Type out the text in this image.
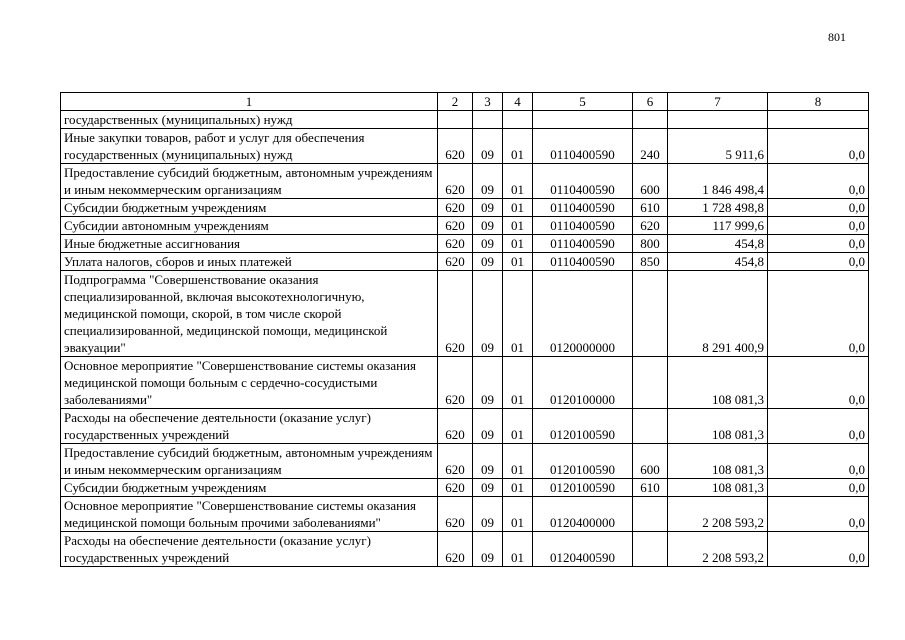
801
1	2	3	4	5	6	7	8
государственных (муниципальных) нужд							
Иные закупки товаров, работ и услуг для обеспечения государственных (муниципальных) нужд	620	09	01	0110400590	240	5 911,6	0,0
Предоставление субсидий бюджетным, автономным учреждениям и иным некоммерческим организациям	620	09	01	0110400590	600	1 846 498,4	0,0
Субсидии бюджетным учреждениям	620	09	01	0110400590	610	1 728 498,8	0,0
Субсидии автономным учреждениям	620	09	01	0110400590	620	117 999,6	0,0
Иные бюджетные ассигнования	620	09	01	0110400590	800	454,8	0,0
Уплата налогов, сборов и иных платежей	620	09	01	0110400590	850	454,8	0,0
Подпрограмма "Совершенствование оказания специализированной, включая высокотехнологичную, медицинской помощи, скорой, в том числе скорой специализированной, медицинской помощи, медицинской эвакуации"	620	09	01	0120000000		8 291 400,9	0,0
Основное мероприятие "Совершенствование системы оказания медицинской помощи больным с сердечно-сосудистыми заболеваниями"	620	09	01	0120100000		108 081,3	0,0
Расходы на обеспечение деятельности (оказание услуг) государственных учреждений	620	09	01	0120100590		108 081,3	0,0
Предоставление субсидий бюджетным, автономным учреждениям и иным некоммерческим организациям	620	09	01	0120100590	600	108 081,3	0,0
Субсидии бюджетным учреждениям	620	09	01	0120100590	610	108 081,3	0,0
Основное мероприятие "Совершенствование системы оказания медицинской помощи больным прочими заболеваниями"	620	09	01	0120400000		2 208 593,2	0,0
Расходы на обеспечение деятельности (оказание услуг) государственных учреждений	620	09	01	0120400590		2 208 593,2	0,0
